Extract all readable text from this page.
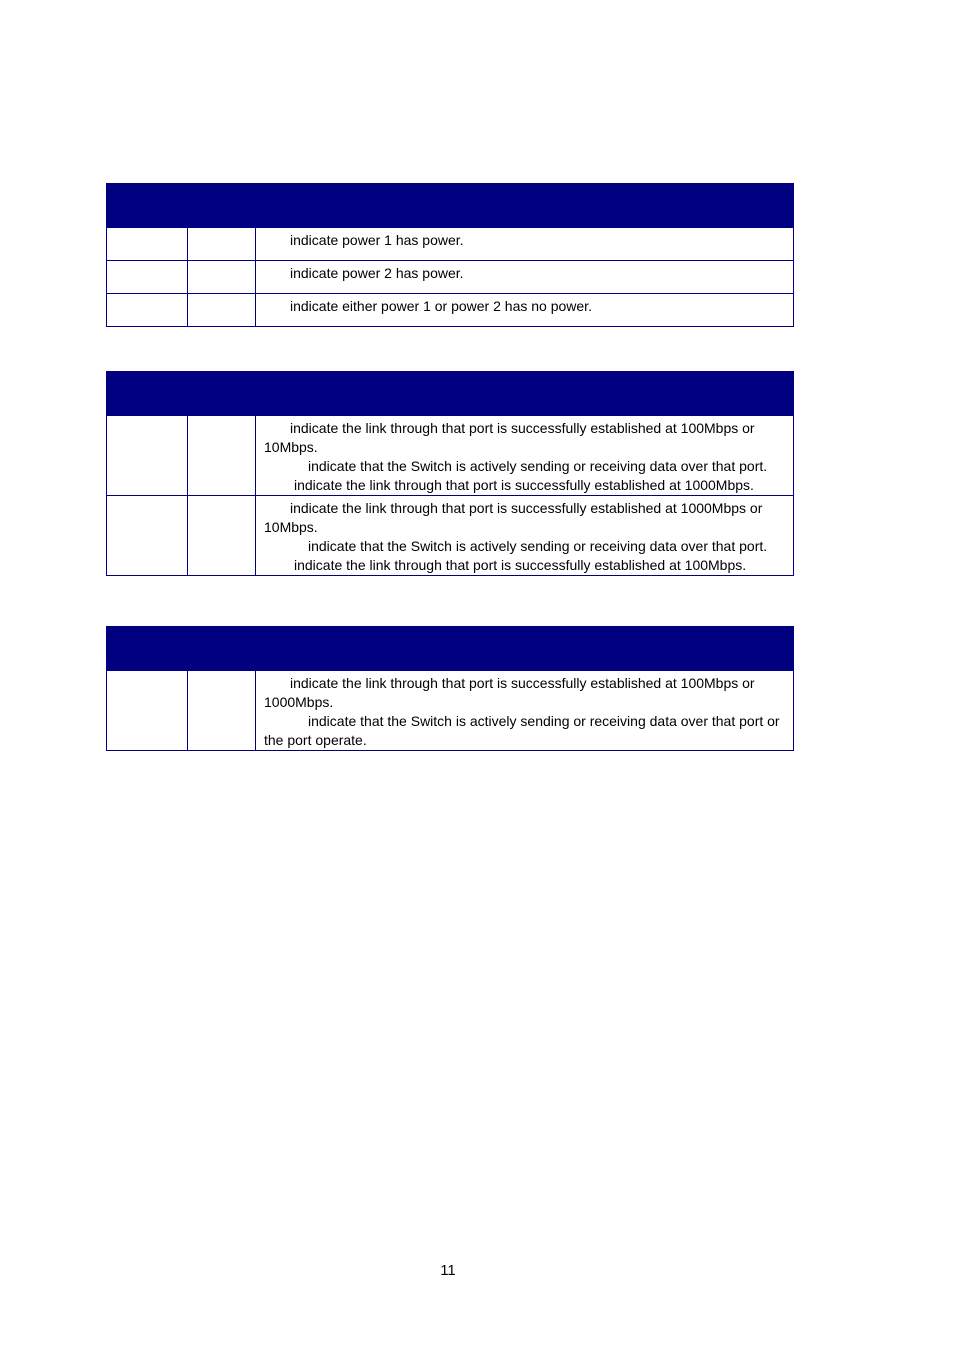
		indicate power 1 has power.

		indicate power 2 has power.

		indicate either power 1 or power 2 has no power.

		indicate the link through that port is successfully established at 100Mbps or 10Mbps.

indicate that the Switch is actively sending or receiving data over that port.

indicate the link through that port is successfully established at 1000Mbps.

		indicate the link through that port is successfully established at 1000Mbps or 10Mbps.

indicate that the Switch is actively sending or receiving data over that port.

indicate the link through that port is successfully established at 100Mbps.

		indicate the link through that port is successfully established at 100Mbps or 1000Mbps.

indicate that the Switch is actively sending or receiving data over that port or the port operate.

11
